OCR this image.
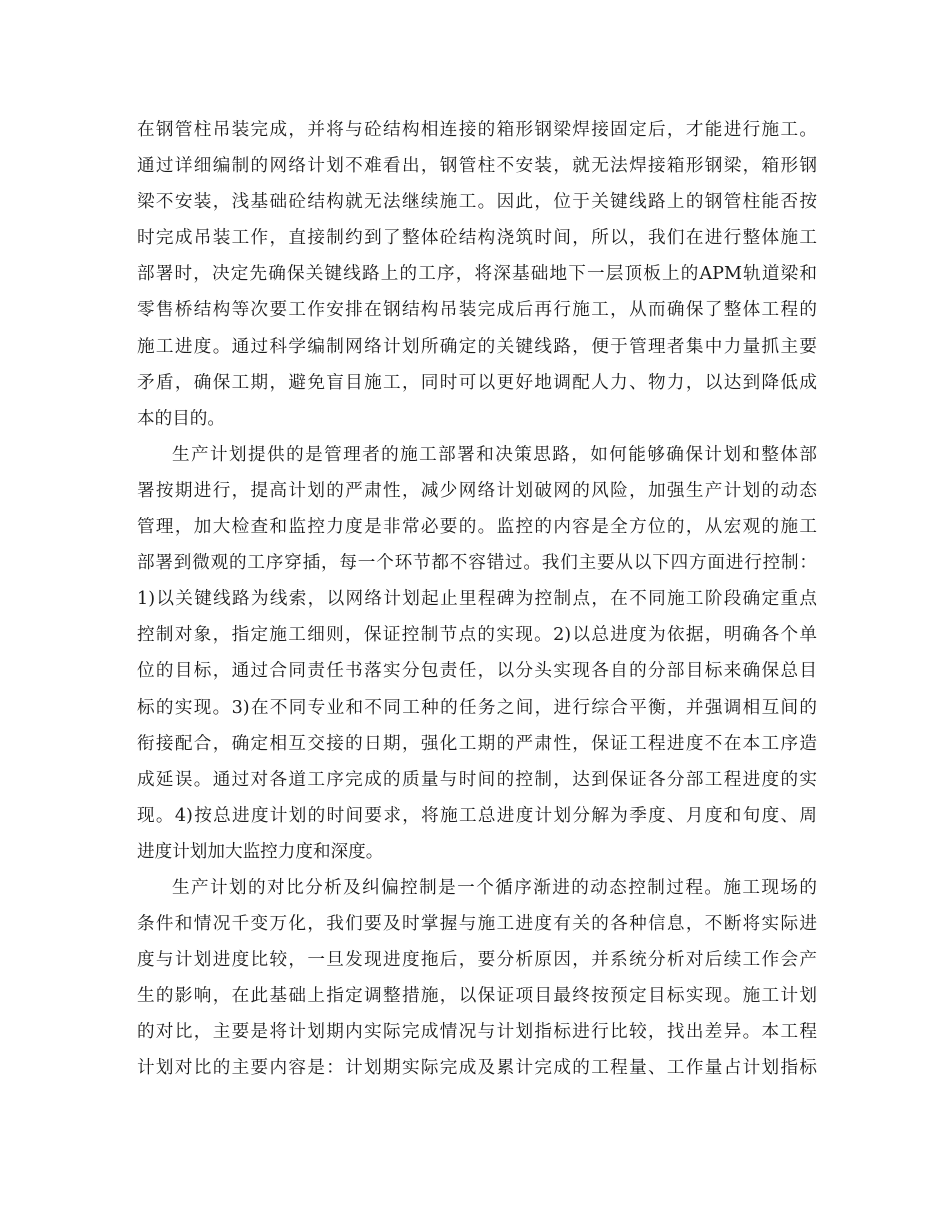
在钢管柱吊装完成，并将与砼结构相连接的箱形钢梁焊接固定后，才能进行施工。
通过详细编制的网络计划不难看出，钢管柱不安装，就无法焊接箱形钢梁，箱形钢
梁不安装，浅基础砼结构就无法继续施工。因此，位于关键线路上的钢管柱能否按
时完成吊装工作，直接制约到了整体砼结构浇筑时间，所以，我们在进行整体施工
部署时，决定先确保关键线路上的工序，将深基础地下一层顶板上的APM轨道梁和
零售桥结构等次要工作安排在钢结构吊装完成后再行施工，从而确保了整体工程的
施工进度。通过科学编制网络计划所确定的关键线路，便于管理者集中力量抓主要
矛盾，确保工期，避免盲目施工，同时可以更好地调配人力、物力，以达到降低成
本的目的。
生产计划提供的是管理者的施工部署和决策思路，如何能够确保计划和整体部
署按期进行，提高计划的严肃性，减少网络计划破网的风险，加强生产计划的动态
管理，加大检查和监控力度是非常必要的。监控的内容是全方位的，从宏观的施工
部署到微观的工序穿插，每一个环节都不容错过。我们主要从以下四方面进行控制：
1)以关键线路为线索，以网络计划起止里程碑为控制点，在不同施工阶段确定重点
控制对象，指定施工细则，保证控制节点的实现。2)以总进度为依据，明确各个单
位的目标，通过合同责任书落实分包责任，以分头实现各自的分部目标来确保总目
标的实现。3)在不同专业和不同工种的任务之间，进行综合平衡，并强调相互间的
衔接配合，确定相互交接的日期，强化工期的严肃性，保证工程进度不在本工序造
成延误。通过对各道工序完成的质量与时间的控制，达到保证各分部工程进度的实
现。4)按总进度计划的时间要求，将施工总进度计划分解为季度、月度和旬度、周
进度计划加大监控力度和深度。
生产计划的对比分析及纠偏控制是一个循序渐进的动态控制过程。施工现场的
条件和情况千变万化，我们要及时掌握与施工进度有关的各种信息，不断将实际进
度与计划进度比较，一旦发现进度拖后，要分析原因，并系统分析对后续工作会产
生的影响，在此基础上指定调整措施，以保证项目最终按预定目标实现。施工计划
的对比，主要是将计划期内实际完成情况与计划指标进行比较，找出差异。本工程
计划对比的主要内容是：计划期实际完成及累计完成的工程量、工作量占计划指标
